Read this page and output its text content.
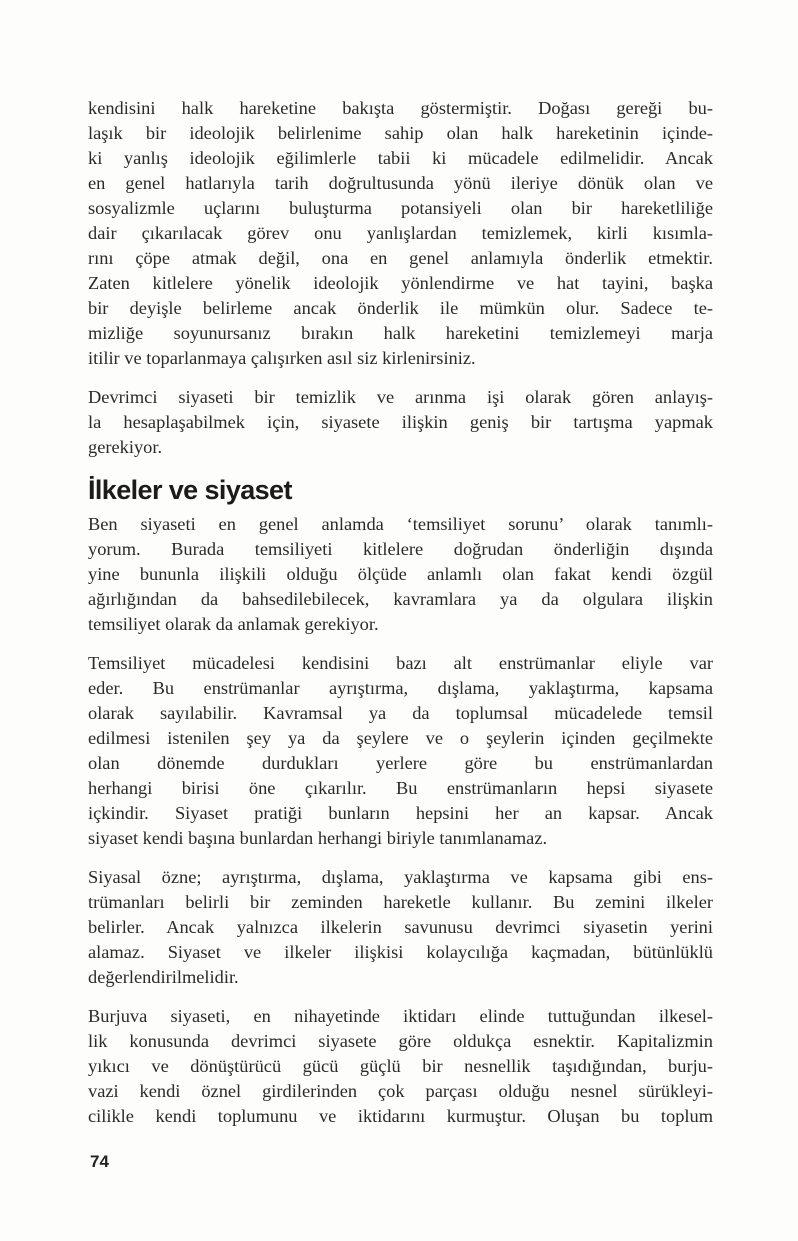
kendisini halk hareketine bakışta göstermiştir. Doğası gereği bu-
laşık bir ideolojik belirlenime sahip olan halk hareketinin içinde-
ki yanlış ideolojik eğilimlerle tabii ki mücadele edilmelidir. Ancak
en genel hatlarıyla tarih doğrultusunda yönü ileriye dönük olan ve
sosyalizmle uçlarını buluşturma potansiyeli olan bir hareketliliğe
dair çıkarılacak görev onu yanlışlardan temizlemek, kirli kısımla-
rını çöpe atmak değil, ona en genel anlamıyla önderlik etmektir.
Zaten kitlelere yönelik ideolojik yönlendirme ve hat tayini, başka
bir deyişle belirleme ancak önderlik ile mümkün olur. Sadece te-
mizliğe soyunursanız bırakın halk hareketini temizlemeyi marja
itilir ve toparlanmaya çalışırken asıl siz kirlenirsiniz.
Devrimci siyaseti bir temizlik ve arınma işi olarak gören anlayış-
la hesaplaşabilmek için, siyasete ilişkin geniş bir tartışma yapmak
gerekiyor.
İlkeler ve siyaset
Ben siyaseti en genel anlamda ‘temsiliyet sorunu’ olarak tanımlı-
yorum. Burada temsiliyeti kitlelere doğrudan önderliğin dışında
yine bununla ilişkili olduğu ölçüde anlamlı olan fakat kendi özgül
ağırlığından da bahsedilebilecek, kavramlara ya da olgulara ilişkin
temsiliyet olarak da anlamak gerekiyor.
Temsiliyet mücadelesi kendisini bazı alt enstrümanlar eliyle var
eder. Bu enstrümanlar ayrıştırma, dışlama, yaklaştırma, kapsama
olarak sayılabilir. Kavramsal ya da toplumsal mücadelede temsil
edilmesi istenilen şey ya da şeylere ve o şeylerin içinden geçilmekte
olan dönemde durdukları yerlere göre bu enstrümanlardan
herhangi birisi öne çıkarılır. Bu enstrümanların hepsi siyasete
içkindir. Siyaset pratiği bunların hepsini her an kapsar. Ancak
siyaset kendi başına bunlardan herhangi biriyle tanımlanamaz.
Siyasal özne; ayrıştırma, dışlama, yaklaştırma ve kapsama gibi ens-
trümanları belirli bir zeminden hareketle kullanır. Bu zemini ilkeler
belirler. Ancak yalnızca ilkelerin savunusu devrimci siyasetin yerini
alamaz. Siyaset ve ilkeler ilişkisi kolaycılığa kaçmadan, bütünlüklü
değerlendirilmelidir.
Burjuva siyaseti, en nihayetinde iktidarı elinde tuttuğundan ilkesel-
lik konusunda devrimci siyasete göre oldukça esnektir. Kapitalizmin
yıkıcı ve dönüştürücü gücü güçlü bir nesnellik taşıdığından, burju-
vazi kendi öznel girdilerinden çok parçası olduğu nesnel sürükleyi-
cilikle kendi toplumunu ve iktidarını kurmuştur. Oluşan bu toplum
74
